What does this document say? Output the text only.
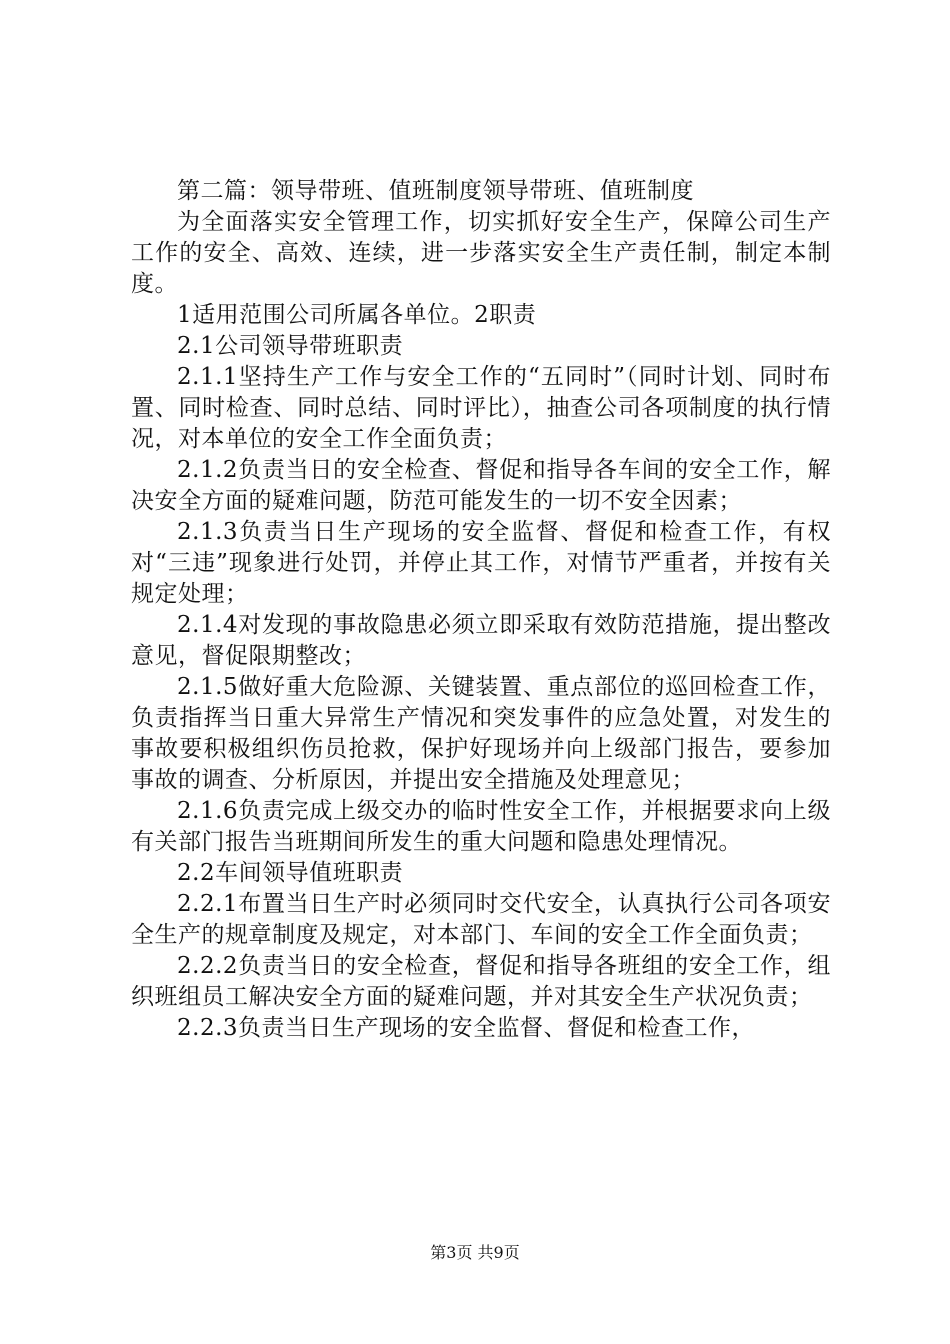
第二篇：领导带班、值班制度领导带班、值班制度

为全面落实安全管理工作，切实抓好安全生产，保障公司生产工作的安全、高效、连续，进一步落实安全生产责任制，制定本制度。

1适用范围公司所属各单位。2职责

2.1公司领导带班职责

2.1.1坚持生产工作与安全工作的“五同时”（同时计划、同时布置、同时检查、同时总结、同时评比），抽查公司各项制度的执行情况，对本单位的安全工作全面负责；

2.1.2负责当日的安全检查、督促和指导各车间的安全工作，解决安全方面的疑难问题，防范可能发生的一切不安全因素；

2.1.3负责当日生产现场的安全监督、督促和检查工作，有权对“三违”现象进行处罚，并停止其工作，对情节严重者，并按有关规定处理；

2.1.4对发现的事故隐患必须立即采取有效防范措施，提出整改意见，督促限期整改；

2.1.5做好重大危险源、关键装置、重点部位的巡回检查工作，负责指挥当日重大异常生产情况和突发事件的应急处置，对发生的事故要积极组织伤员抢救，保护好现场并向上级部门报告，要参加事故的调查、分析原因，并提出安全措施及处理意见；

2.1.6负责完成上级交办的临时性安全工作，并根据要求向上级有关部门报告当班期间所发生的重大问题和隐患处理情况。

2.2车间领导值班职责

2.2.1布置当日生产时必须同时交代安全，认真执行公司各项安全生产的规章制度及规定，对本部门、车间的安全工作全面负责；

2.2.2负责当日的安全检查，督促和指导各班组的安全工作，组织班组员工解决安全方面的疑难问题，并对其安全生产状况负责；

2.2.3负责当日生产现场的安全监督、督促和检查工作，

第3页 共9页
